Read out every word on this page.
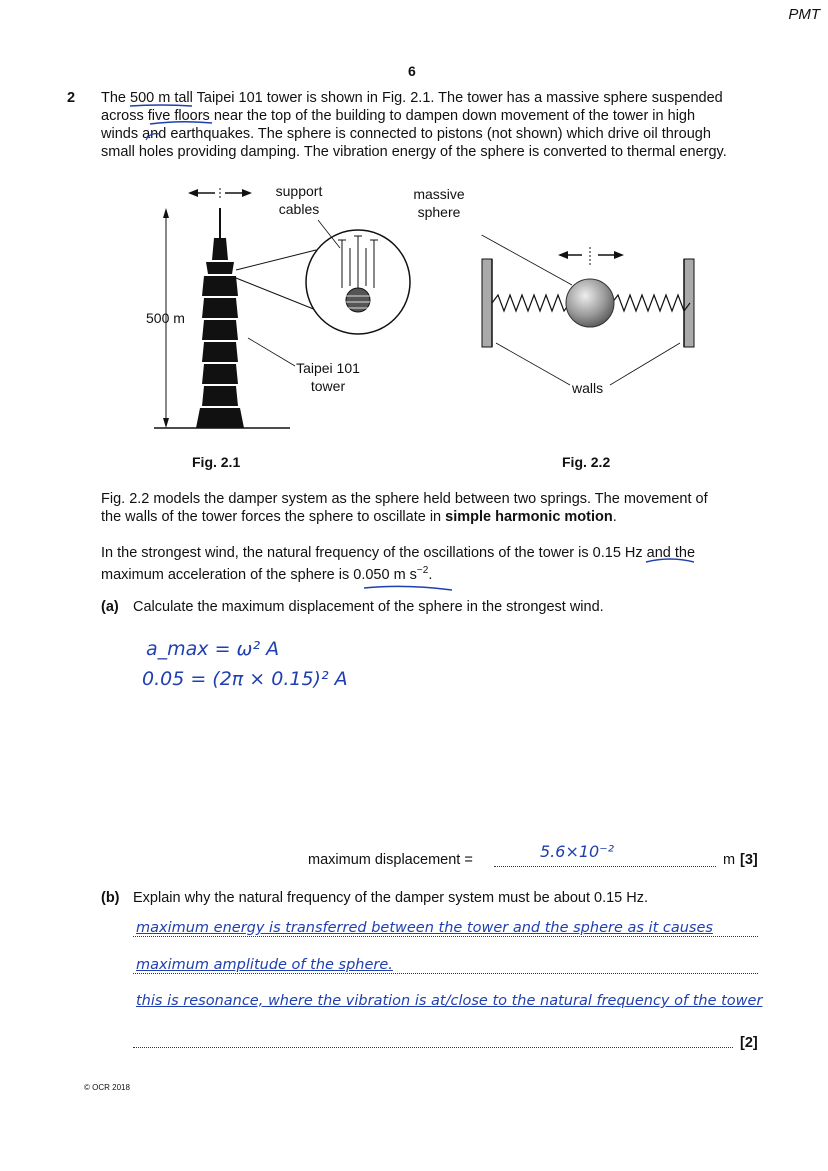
PMT
6
2 The 500 m tall Taipei 101 tower is shown in Fig. 2.1. The tower has a massive sphere suspended
across five floors near the top of the building to dampen down movement of the tower in high
winds and earthquakes. The sphere is connected to pistons (not shown) which drive oil through
small holes providing damping. The vibration energy of the sphere is converted to thermal energy.
500 m
support
cables
Taipei 101
tower
Fig. 2.1
massive
sphere
walls
Fig. 2.2
Fig. 2.2 models the damper system as the sphere held between two springs. The movement of
the walls of the tower forces the sphere to oscillate in simple harmonic motion.
In the strongest wind, the natural frequency of the oscillations of the tower is 0.15 Hz and the
maximum acceleration of the sphere is 0.050 m $s^{-2}$.
(a) Calculate the maximum displacement of the sphere in the strongest wind.
a_max = ω² A
0.05 = (2π × 0.15)² A
maximum displacement =	5.6×10⁻²	m [3]
(b) Explain why the natural frequency of the damper system must be about 0.15 Hz.
maximum energy is transferred between the tower and the sphere as it causes
maximum amplitude of the sphere.
this is resonance, where the vibration is at/close to the natural frequency of the tower
[2]
© OCR 2018
